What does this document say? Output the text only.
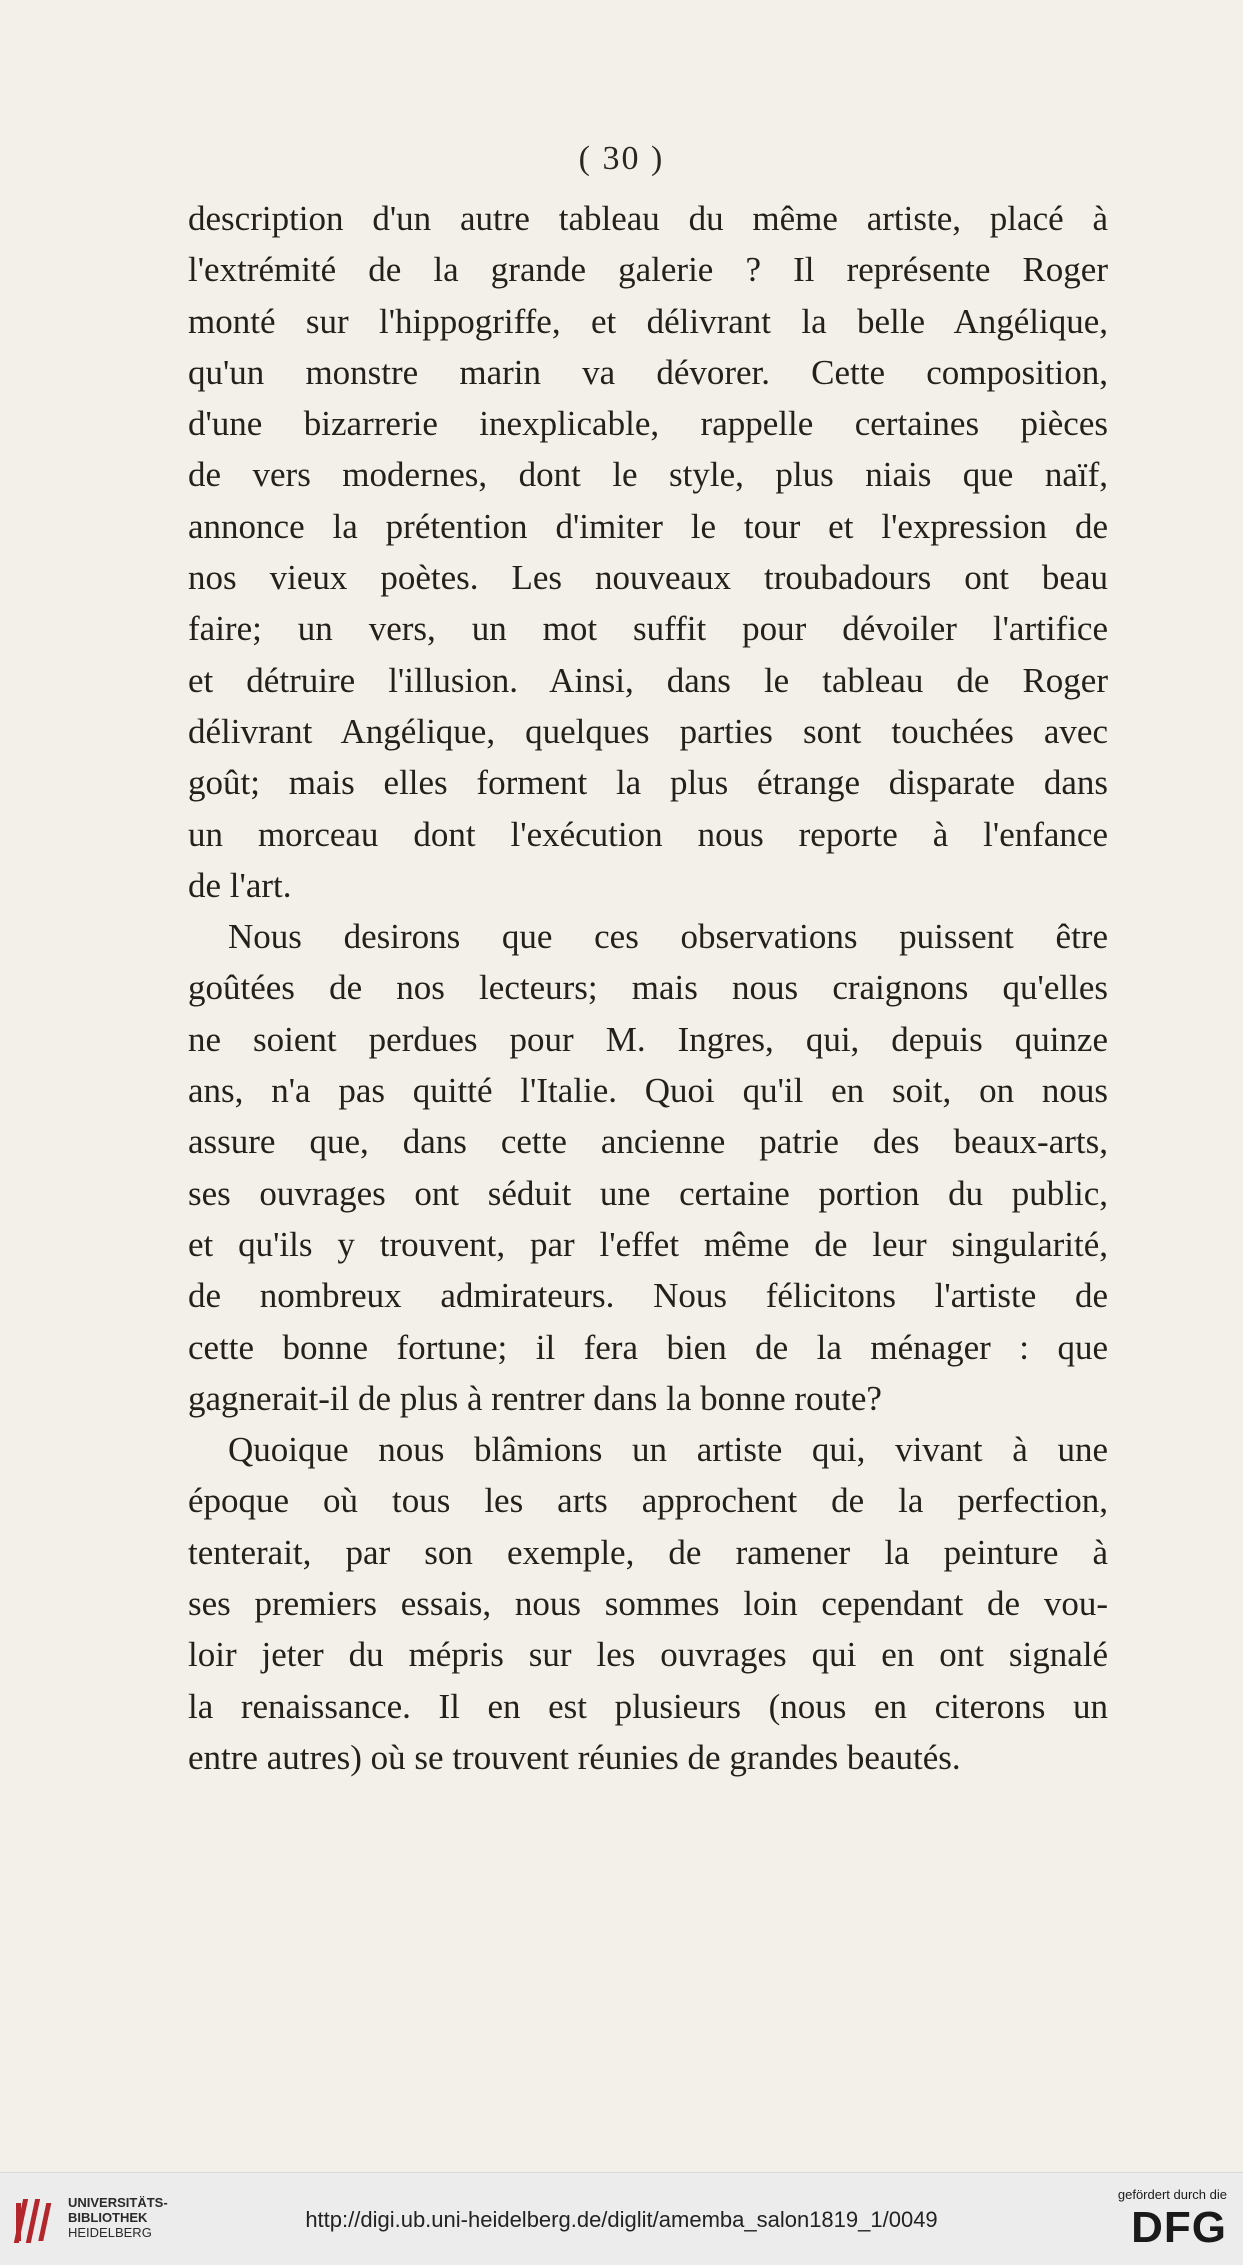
( 30 )
description d'un autre tableau du même artiste, placé à
l'extrémité de la grande galerie ? Il représente Roger
monté sur l'hippogriffe, et délivrant la belle Angélique,
qu'un monstre marin va dévorer. Cette composition,
d'une bizarrerie inexplicable, rappelle certaines pièces
de vers modernes, dont le style, plus niais que naïf,
annonce la prétention d'imiter le tour et l'expression de
nos vieux poètes. Les nouveaux troubadours ont beau
faire; un vers, un mot suffit pour dévoiler l'artifice
et détruire l'illusion. Ainsi, dans le tableau de Roger
délivrant Angélique, quelques parties sont touchées avec
goût; mais elles forment la plus étrange disparate dans
un morceau dont l'exécution nous reporte à l'enfance
de l'art.
Nous desirons que ces observations puissent être
goûtées de nos lecteurs; mais nous craignons qu'elles
ne soient perdues pour M. Ingres, qui, depuis quinze
ans, n'a pas quitté l'Italie. Quoi qu'il en soit, on nous
assure que, dans cette ancienne patrie des beaux-arts,
ses ouvrages ont séduit une certaine portion du public,
et qu'ils y trouvent, par l'effet même de leur singularité,
de nombreux admirateurs. Nous félicitons l'artiste de
cette bonne fortune; il fera bien de la ménager : que
gagnerait-il de plus à rentrer dans la bonne route?
Quoique nous blâmions un artiste qui, vivant à une
époque où tous les arts approchent de la perfection,
tenterait, par son exemple, de ramener la peinture à
ses premiers essais, nous sommes loin cependant de vou-
loir jeter du mépris sur les ouvrages qui en ont signalé
la renaissance. Il en est plusieurs (nous en citerons un
entre autres) où se trouvent réunies de grandes beautés.
UNIVERSITÄTS-
BIBLIOTHEK
HEIDELBERG
http://digi.ub.uni-heidelberg.de/diglit/amemba_salon1819_1/0049
gefördert durch die
DFG
